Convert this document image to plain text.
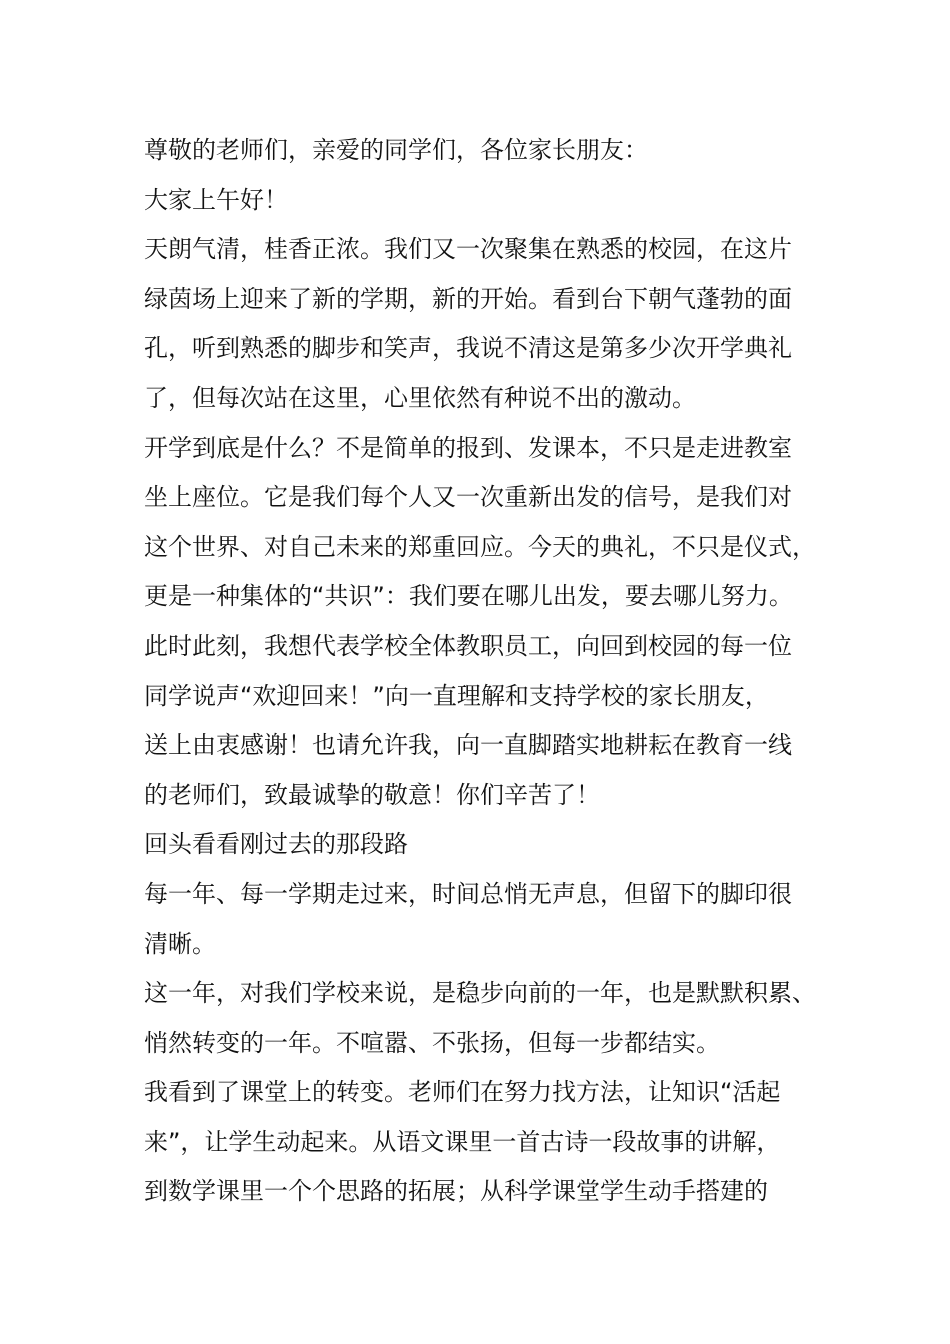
尊敬的老师们，亲爱的同学们，各位家长朋友：
大家上午好！
天朗气清，桂香正浓。我们又一次聚集在熟悉的校园，在这片
绿茵场上迎来了新的学期，新的开始。看到台下朝气蓬勃的面
孔，听到熟悉的脚步和笑声，我说不清这是第多少次开学典礼
了，但每次站在这里，心里依然有种说不出的激动。
开学到底是什么？不是简单的报到、发课本，不只是走进教室
坐上座位。它是我们每个人又一次重新出发的信号，是我们对
这个世界、对自己未来的郑重回应。今天的典礼，不只是仪式，
更是一种集体的“共识”：我们要在哪儿出发，要去哪儿努力。
此时此刻，我想代表学校全体教职员工，向回到校园的每一位
同学说声“欢迎回来！”向一直理解和支持学校的家长朋友，
送上由衷感谢！也请允许我，向一直脚踏实地耕耘在教育一线
的老师们，致最诚挚的敬意！你们辛苦了！
回头看看刚过去的那段路
每一年、每一学期走过来，时间总悄无声息，但留下的脚印很
清晰。
这一年，对我们学校来说，是稳步向前的一年，也是默默积累、
悄然转变的一年。不喧嚣、不张扬，但每一步都结实。
我看到了课堂上的转变。老师们在努力找方法，让知识“活起
来”，让学生动起来。从语文课里一首古诗一段故事的讲解，
到数学课里一个个思路的拓展；从科学课堂学生动手搭建的
